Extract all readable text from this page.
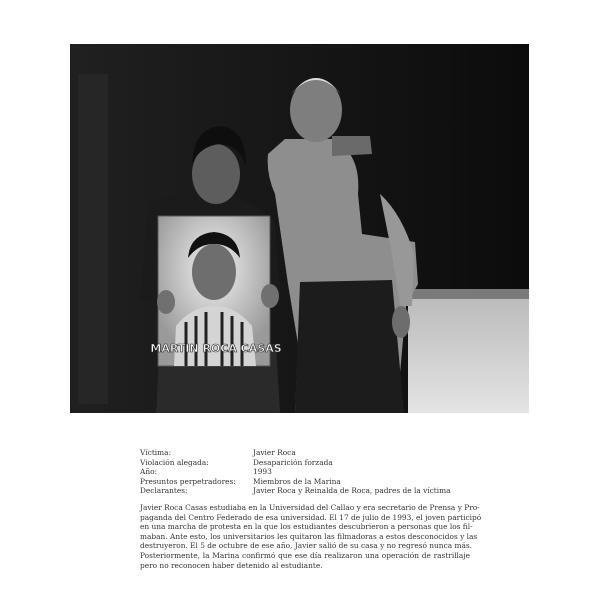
MARTIN ROCA CASAS
Víctima:	Javier Roca
Violación alegada:	Desaparición forzada
Año:	1993
Presuntos perpetradores:	Miembros de la Marina
Declarantes:	Javier Roca y Reinalda de Roca, padres de la víctima
Javier Roca Casas estudiaba en la Universidad del Callao y era secretario de Prensa y Pro-
paganda del Centro Federado de esa universidad. El 17 de julio de 1993, el joven participó
en una marcha de protesta en la que los estudiantes descubrieron a personas que los fil-
maban. Ante esto, los universitarios les quitaron las filmadoras a estos desconocidos y las
destruyeron. El 5 de octubre de ese año, Javier salió de su casa y no regresó nunca más.
Posteriormente, la Marina confirmó que ese día realizaron una operación de rastrillaje
pero no reconocen haber detenido al estudiante.
